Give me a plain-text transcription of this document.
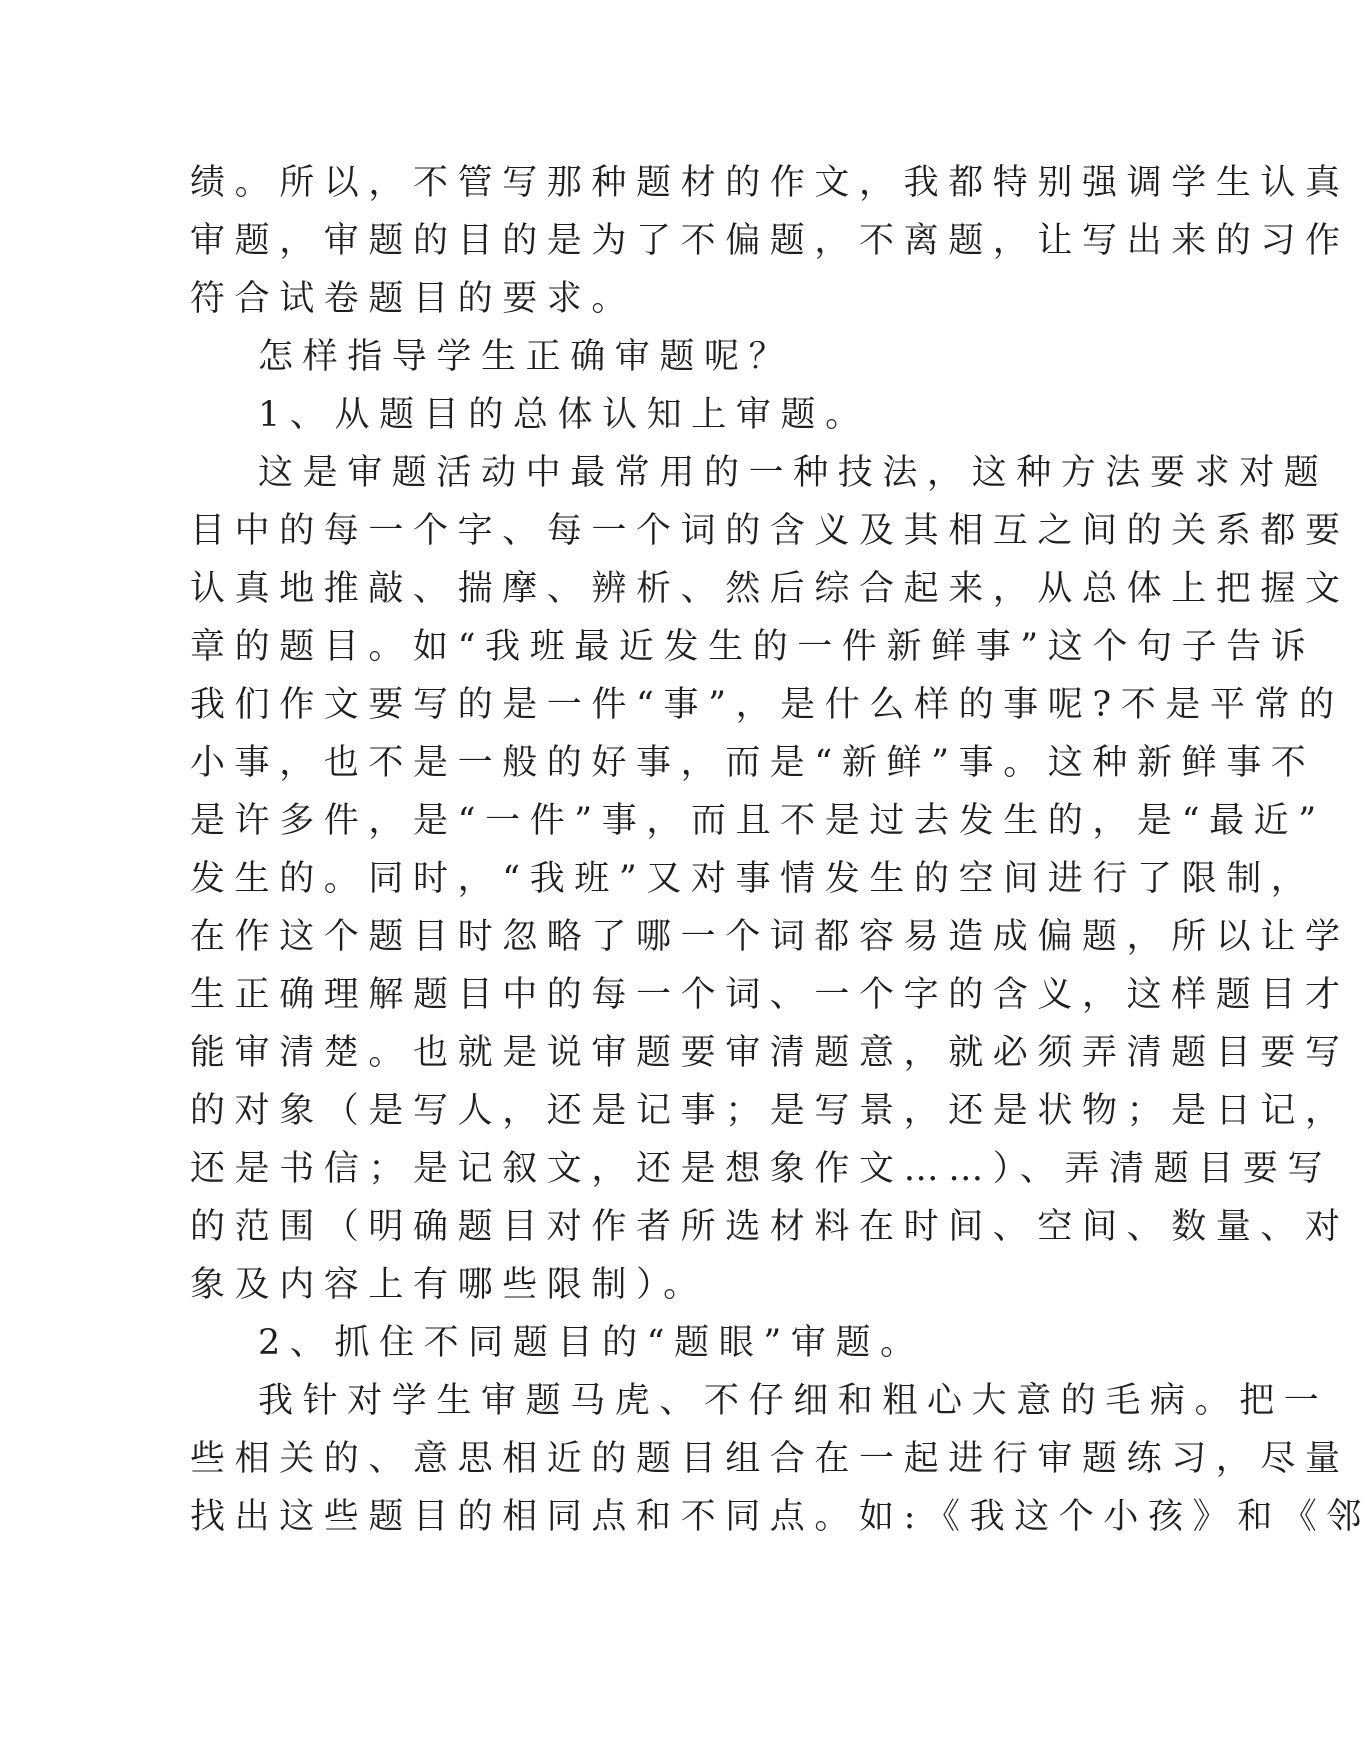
绩。所以，不管写那种题材的作文，我都特别强调学生认真
审题，审题的目的是为了不偏题，不离题，让写出来的习作
符合试卷题目的要求。
怎样指导学生正确审题呢？
1、从题目的总体认知上审题。
这是审题活动中最常用的一种技法，这种方法要求对题
目中的每一个字、每一个词的含义及其相互之间的关系都要
认真地推敲、揣摩、辨析、然后综合起来，从总体上把握文
章的题目。如“我班最近发生的一件新鲜事”这个句子告诉
我们作文要写的是一件“事”，是什么样的事呢?不是平常的
小事，也不是一般的好事，而是“新鲜”事。这种新鲜事不
是许多件，是“一件”事，而且不是过去发生的，是“最近”
发生的。同时，“我班”又对事情发生的空间进行了限制，
在作这个题目时忽略了哪一个词都容易造成偏题，所以让学
生正确理解题目中的每一个词、一个字的含义，这样题目才
能审清楚。也就是说审题要审清题意，就必须弄清题目要写
的对象（是写人，还是记事；是写景，还是状物；是日记，
还是书信；是记叙文，还是想象作文……）、弄清题目要写
的范围（明确题目对作者所选材料在时间、空间、数量、对
象及内容上有哪些限制）。
2、抓住不同题目的“题眼”审题。
我针对学生审题马虎、不仔细和粗心大意的毛病。把一
些相关的、意思相近的题目组合在一起进行审题练习，尽量
找出这些题目的相同点和不同点。如:《我这个小孩》和《邻
